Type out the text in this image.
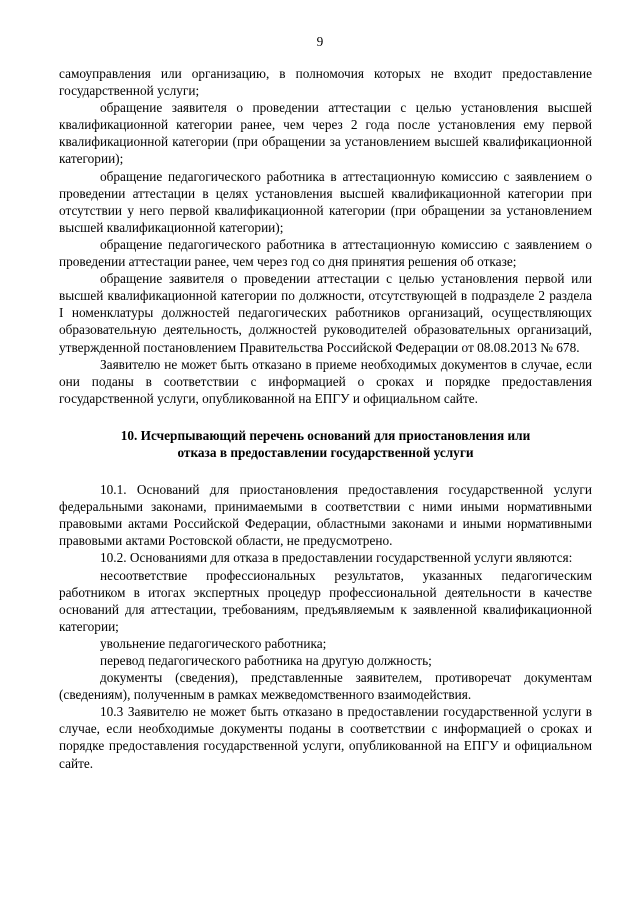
9

самоуправления или организацию, в полномочия которых не входит предоставление государственной услуги;

обращение заявителя о проведении аттестации с целью установления высшей квалификационной категории ранее, чем через 2 года после установления ему первой квалификационной категории (при обращении за установлением высшей квалификационной категории);

обращение педагогического работника в аттестационную комиссию с заявлением о проведении аттестации в целях установления высшей квалификационной категории при отсутствии у него первой квалификационной категории (при обращении за установлением высшей квалификационной категории);

обращение педагогического работника в аттестационную комиссию с заявлением о проведении аттестации ранее, чем через год со дня принятия решения об отказе;

обращение заявителя о проведении аттестации с целью установления первой или высшей квалификационной категории по должности, отсутствующей в подразделе 2 раздела I номенклатуры должностей педагогических работников организаций, осуществляющих образовательную деятельность, должностей руководителей образовательных организаций, утвержденной постановлением Правительства Российской Федерации от 08.08.2013 № 678.

Заявителю не может быть отказано в приеме необходимых документов в случае, если они поданы в соответствии с информацией о сроках и порядке предоставления государственной услуги, опубликованной на ЕПГУ и официальном сайте.

10. Исчерпывающий перечень оснований для приостановления или

отказа в предоставлении государственной услуги

10.1. Оснований для приостановления предоставления государственной услуги федеральными законами, принимаемыми в соответствии с ними иными нормативными правовыми актами Российской Федерации, областными законами и иными нормативными правовыми актами Ростовской области, не предусмотрено.

10.2. Основаниями для отказа в предоставлении государственной услуги являются:

несоответствие профессиональных результатов, указанных педагогическим работником в итогах экспертных процедур профессиональной деятельности в качестве оснований для аттестации, требованиям, предъявляемым к заявленной квалификационной категории;

увольнение педагогического работника;

перевод педагогического работника на другую должность;

документы (сведения), представленные заявителем, противоречат документам (сведениям), полученным в рамках межведомственного взаимодействия.

10.3 Заявителю не может быть отказано в предоставлении государственной услуги в случае, если необходимые документы поданы в соответствии с информацией о сроках и порядке предоставления государственной услуги, опубликованной на ЕПГУ и официальном сайте.
